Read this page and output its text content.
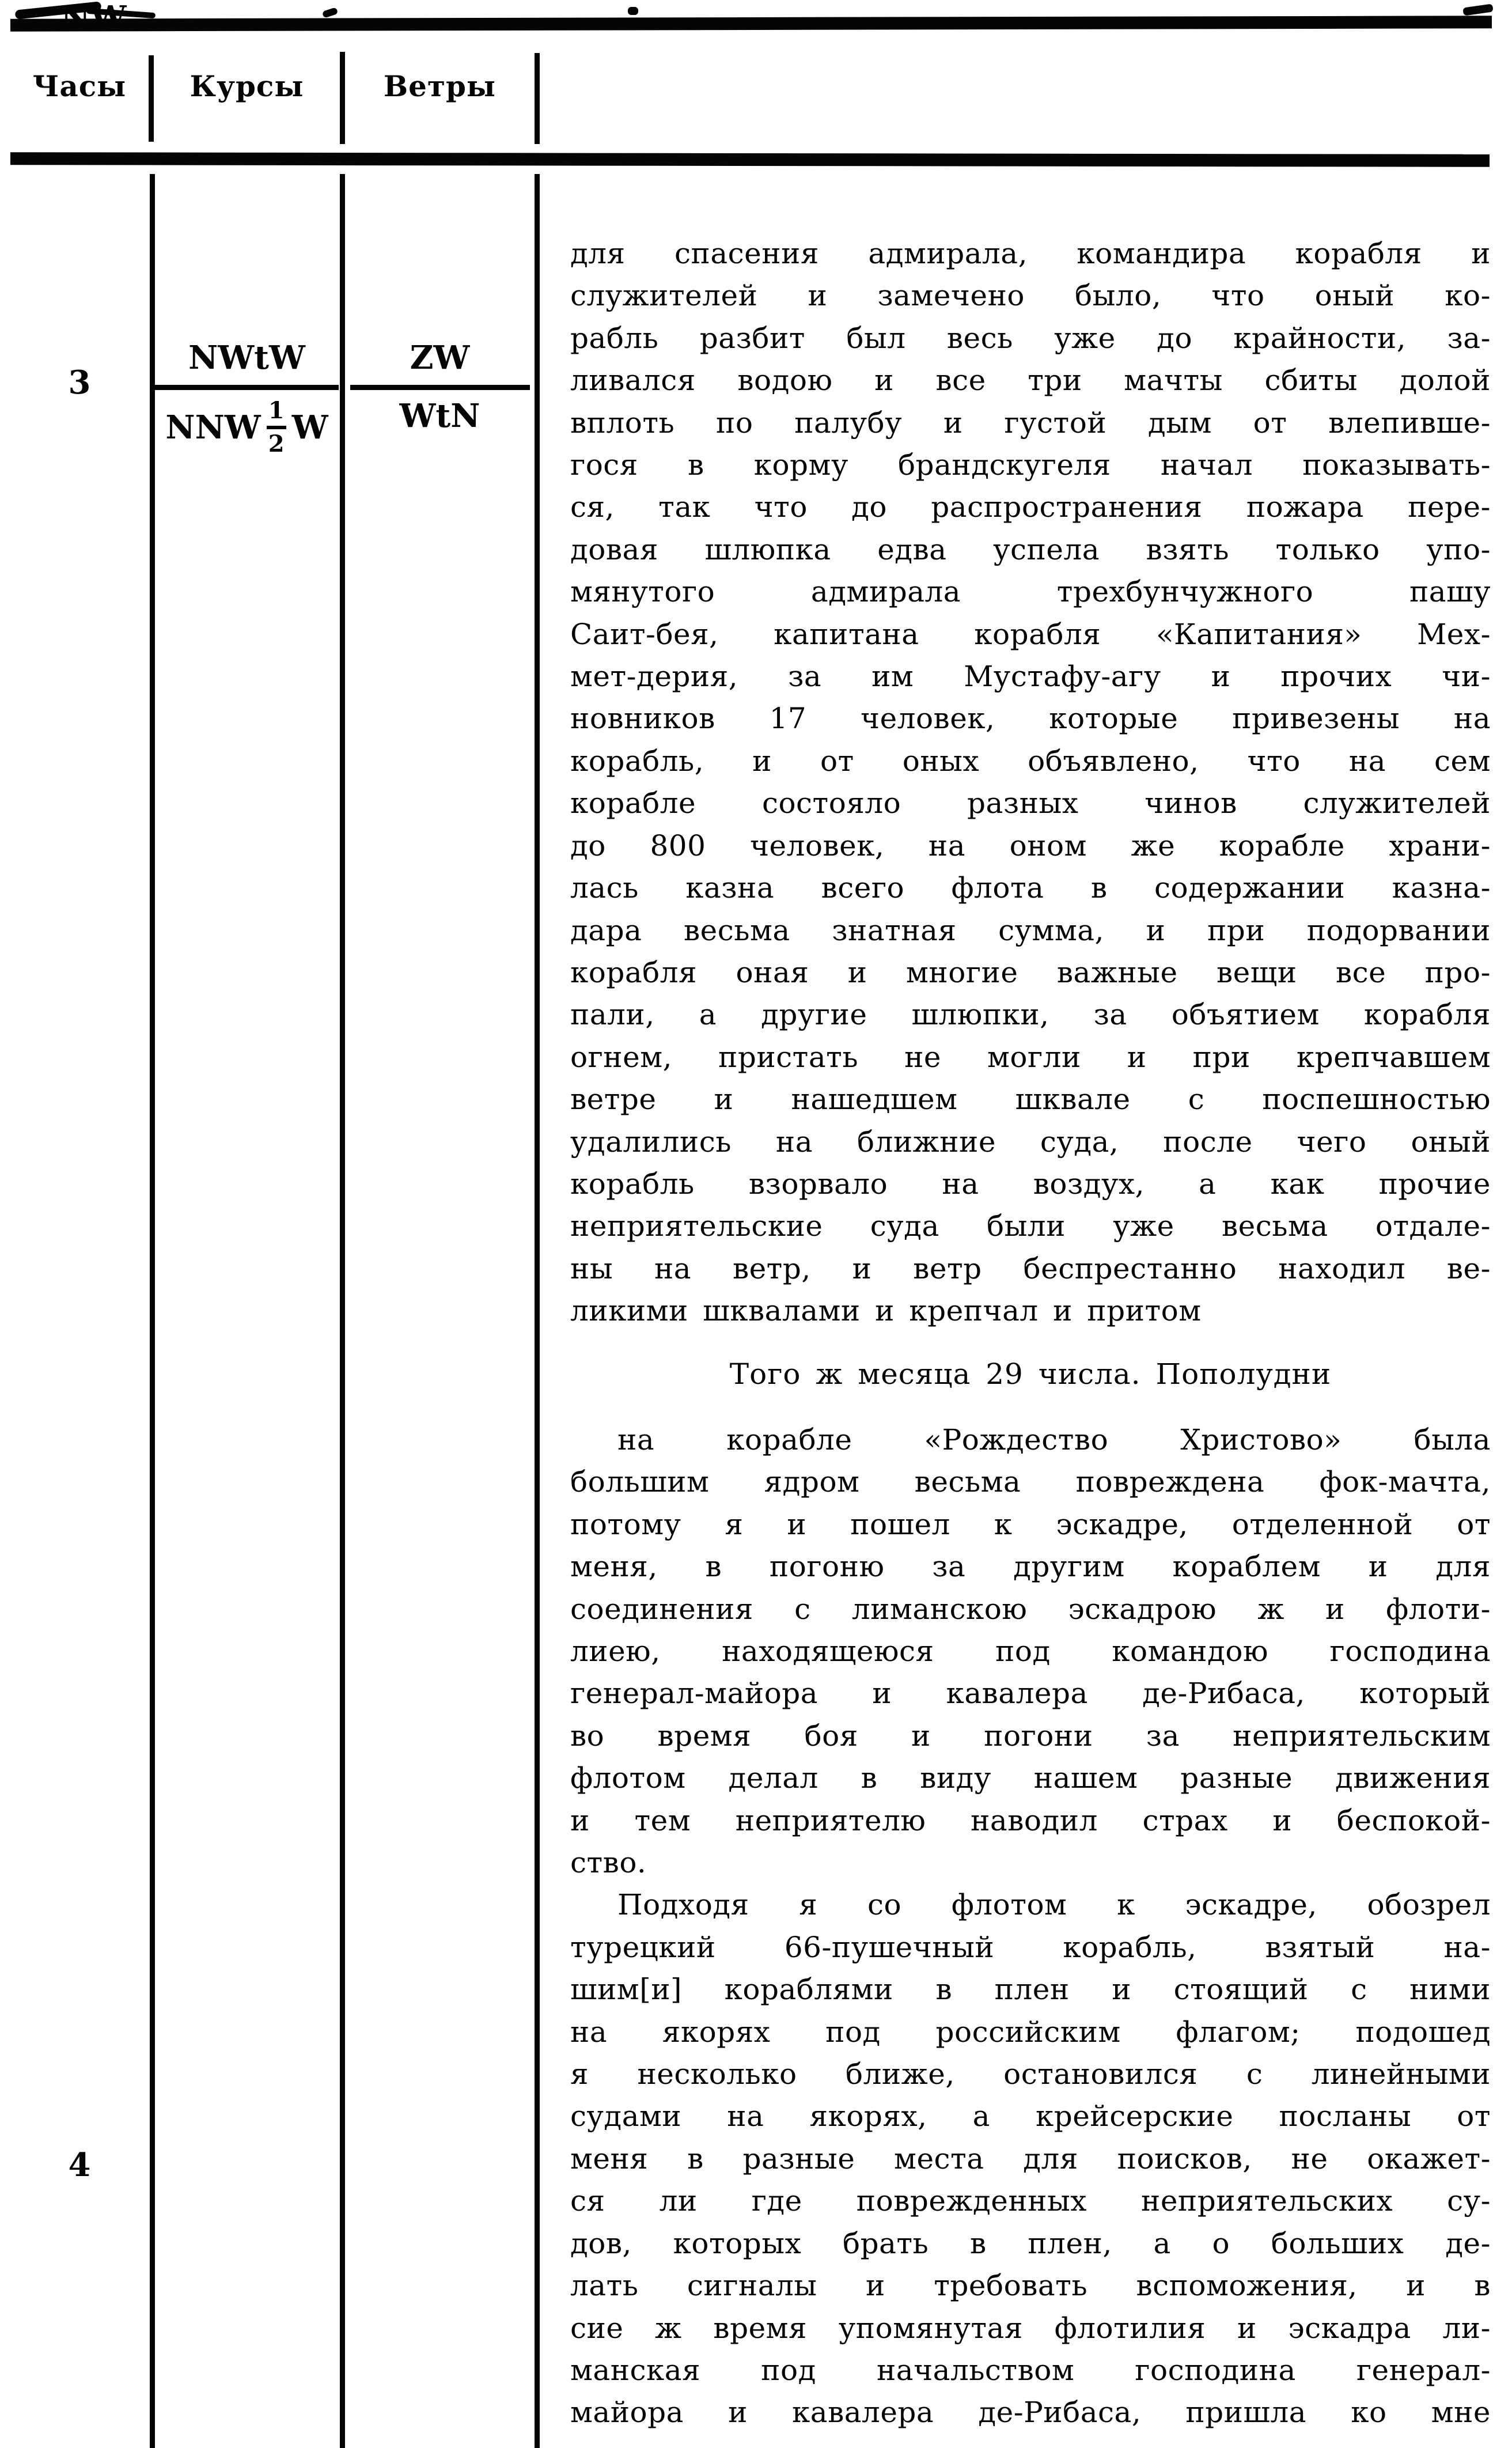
Часы	Курсы	Ветры
3
NWtW
NNW 1
2 W
ZW
WtN
4
для спасения адмирала, командира корабля и
служителей и замечено было, что оный ко-
рабль разбит был весь уже до крайности, за-
ливался водою и все три мачты сбиты долой
вплоть по палубу и густой дым от влепивше-
гося в корму брандскугеля начал показывать-
ся, так что до распространения пожара пере-
довая шлюпка едва успела взять только упо-
мянутого адмирала трехбунчужного пашу
Саит-бея, капитана корабля «Капитания» Мех-
мет-дерия, за им Мустафу-агу и прочих чи-
новников 17 человек, которые привезены на
корабль, и от оных объявлено, что на сем
корабле состояло разных чинов служителей
до 800 человек, на оном же корабле храни-
лась казна всего флота в содержании казна-
дара весьма знатная сумма, и при подорвании
корабля оная и многие важные вещи все про-
пали, а другие шлюпки, за объятием корабля
огнем, пристать не могли и при крепчавшем
ветре и нашедшем шквале с поспешностью
удалились на ближние суда, после чего оный
корабль взорвало на воздух, а как прочие
неприятельские суда были уже весьма отдале-
ны на ветр, и ветр беспрестанно находил ве-
ликими шквалами и крепчал и притом
Того ж месяца 29 числа. Пополудни
на корабле «Рождество Христово» была
большим ядром весьма повреждена фок-мачта,
потому я и пошел к эскадре, отделенной от
меня, в погоню за другим кораблем и для
соединения с лиманскою эскадрою ж и флоти-
лиею, находящеюся под командою господина
генерал-майора и кавалера де-Рибаса, который
во время боя и погони за неприятельским
флотом делал в виду нашем разные движения
и тем неприятелю наводил страх и беспокой-
ство.
Подходя я со флотом к эскадре, обозрел
турецкий 66-пушечный корабль, взятый на-
шим[и] кораблями в плен и стоящий с ними
на якорях под российским флагом; подошед
я несколько ближе, остановился с линейными
судами на якорях, а крейсерские посланы от
меня в разные места для поисков, не окажет-
ся ли где поврежденных неприятельских су-
дов, которых брать в плен, а о больших де-
лать сигналы и требовать вспоможения, и в
сие ж время упомянутая флотилия и эскадра ли-
манская под начальством господина генерал-
майора и кавалера де-Рибаса, пришла ко мне
